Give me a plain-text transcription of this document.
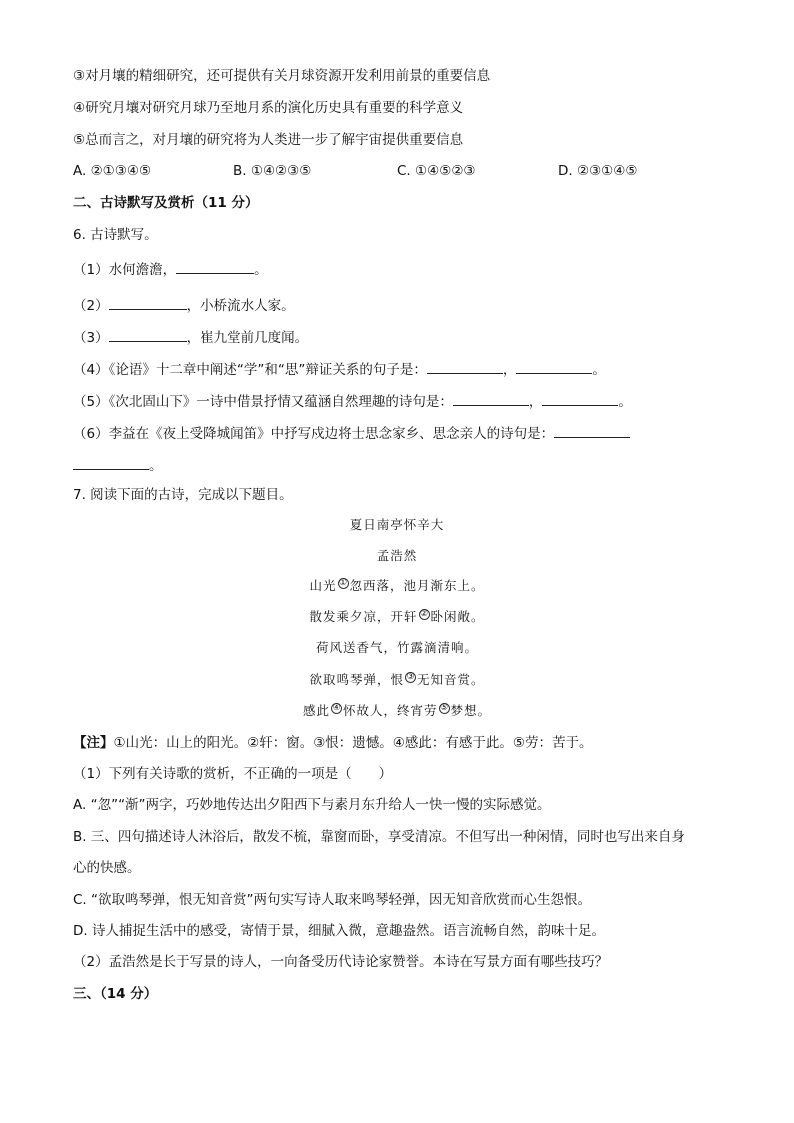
③对月壤的精细研究，还可提供有关月球资源开发利用前景的重要信息
④研究月壤对研究月球乃至地月系的演化历史具有重要的科学意义
⑤总而言之，对月壤的研究将为人类进一步了解宇宙提供重要信息
A. ②①③④⑤	B. ①④②③⑤	C. ①④⑤②③	D. ②③①④⑤
二、古诗默写及赏析（11 分）
6. 古诗默写。
（1）水何澹澹，	。
（2）	，小桥流水人家。
（3）	，崔九堂前几度闻。
（4）《论语》十二章中阐述“学”和“思”辩证关系的句子是：	，	。
（5）《次北固山下》一诗中借景抒情又蕴涵自然理趣的诗句是：	，	。
（6）李益在《夜上受降城闻笛》中抒写戍边将士思念家乡、思念亲人的诗句是：
。
7. 阅读下面的古诗，完成以下题目。
夏日南亭怀辛大
孟浩然
山光 ① 忽西落，池月渐东上。
散发乘夕凉，开轩 ② 卧闲敞。
荷风送香气，竹露滴清响。
欲取鸣琴弹，恨 ③ 无知音赏。
感此 ④ 怀故人，终宵劳 ⑤ 梦想。
【注】①山光：山上的阳光。②轩：窗。③恨：遗憾。④感此：有感于此。⑤劳：苦于。
（1）下列有关诗歌的赏析，不正确的一项是（　　）
A. “忽”“渐”两字，巧妙地传达出夕阳西下与素月东升给人一快一慢的实际感觉。
B. 三、四句描述诗人沐浴后，散发不梳，靠窗而卧，享受清凉。不但写出一种闲情，同时也写出来自身
心的快感。
C. “欲取鸣琴弹，恨无知音赏”两句实写诗人取来鸣琴轻弹，因无知音欣赏而心生怨恨。
D. 诗人捕捉生活中的感受，寄情于景，细腻入微，意趣盎然。语言流畅自然，韵味十足。
（2）孟浩然是长于写景的诗人，一向备受历代诗论家赞誉。本诗在写景方面有哪些技巧？
三、（14 分）
